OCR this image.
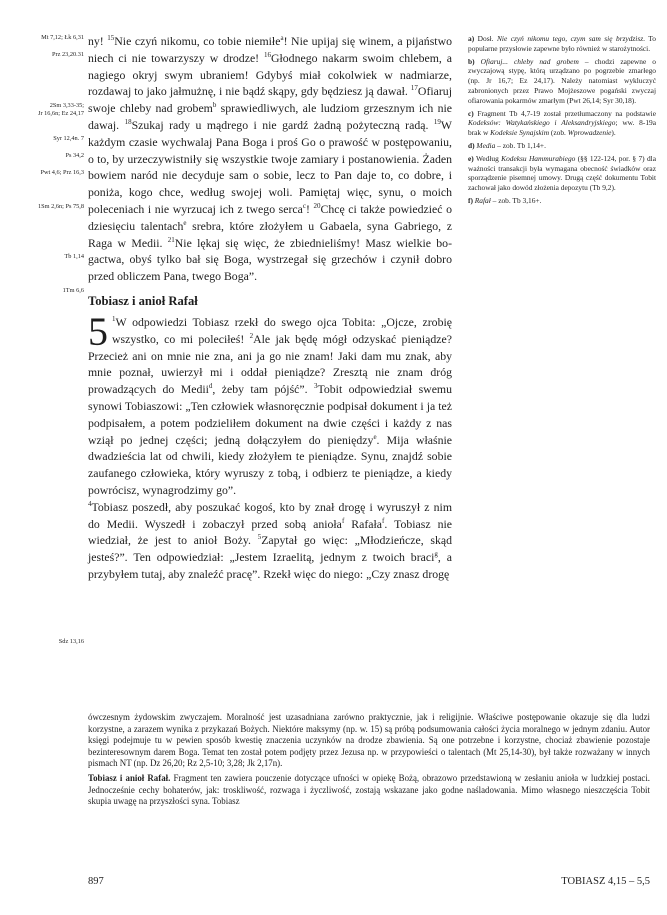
Mt 7,12; Łk 6,31
Prz 23,20.31
2Sm 3,33-35;
Jr 16,6n; Ez 24,17
Syr 12,4n. 7
Ps 34,2
Pwt 4,6; Prz 16,3
1Sm 2,6n; Ps 75,8
Tb 1,14
1Tm 6,6
Sdz 13,16

ny! $^{15}$Nie czyń nikomu, co tobie niemiłe$^a$! Nie upijaj się winem, a pijaństwo niech ci nie towarzyszy w drodze! $^{16}$Głodnego nakarm swoim chlebem, a nagiego okryj swym ubraniem! Gdybyś miał cokolwiek w nadmiarze, rozdawaj to jako jałmużnę, i nie bądź skąpy, gdy będziesz ją dawał. $^{17}$Ofiaruj swoje chleby nad grobem$^b$ sprawiedliwych, ale ludziom grzesznym ich nie dawaj. $^{18}$Szukaj rady u mądrego i nie gardź żadną pożyteczną radą. $^{19}$W każdym czasie wychwalaj Pana Boga i proś Go o prawość w postępowaniu, o to, by urzeczywistniły się wszystkie twoje zamiary i postanowienia. Żaden bowiem naród nie decyduje sam o sobie, lecz to Pan daje to, co dobre, i poniża, kogo chce, według swojej woli. Pamiętaj więc, synu, o moich poleceniach i nie wyrzucaj ich z twego serca$^c$! $^{20}$Chcę ci także powiedzieć o dziesięciu talentach$^e$ srebra, które złożyłem u Gabaela, syna Gabriego, z Raga w Medii. $^{21}$Nie lękaj się więc, że zbiednieliśmy! Masz wielkie bogactwa, obyś tylko bał się Boga, wystrzegał się grzechów i czynił dobro przed obliczem Pana, twego Boga”.

Tobiasz i anioł Rafał

5 $^1$W odpowiedzi Tobiasz rzekł do swego ojca Tobita: „Ojcze, zrobię wszystko, co mi poleciłeś! $^2$Ale jak będę mógł odzyskać pieniądze? Przecież ani on mnie nie zna, ani ja go nie znam! Jaki dam mu znak, aby mnie poznał, uwierzył mi i oddał pieniądze? Zresztą nie znam dróg prowadzących do Medii$^d$, żeby tam pójść”. $^3$Tobit odpowiedział swemu synowi Tobiaszowi: „Ten człowiek własnoręcznie podpisał dokument i ja też podpisałem, a potem podzieliłem dokument na dwie części i każdy z nas wziął po jednej części; jedną dołączyłem do pieniędzy$^e$. Mija właśnie dwadzieścia lat od chwili, kiedy złożyłem te pieniądze. Synu, znajdź sobie zaufanego człowieka, który wyruszy z tobą, i odbierz te pieniądze, a kiedy powrócisz, wynagrodzimy go”.

$^4$Tobiasz poszedł, aby poszukać kogoś, kto by znał drogę i wyruszył z nim do Medii. Wyszedł i zobaczył przed sobą anioła$^f$ Rafała$^f$. Tobiasz nie wiedział, że jest to anioł Boży. $^5$Zapytał go więc: „Młodzieńcze, skąd jesteś?”. Ten odpowiedział: „Jestem Izraelitą, jednym z twoich braci$^g$, a przybyłem tutaj, aby znaleźć pracę”. Rzekł więc do niego: „Czy znasz drogę

a) Dosł. Nie czyń nikomu tego, czym sam się brzydzisz. To popularne przysłowie zapewne było również w starożytności.

b) Ofiaruj... chleby nad grobem – chodzi zapewne o zwyczajową stypę, którą urządzano po pogrzebie zmarłego (np. Jr 16,7; Ez 24,17). Należy natomiast wykluczyć zabronionych przez Prawo Mojżeszowe pogański zwyczaj ofiarowania pokarmów zmarłym (Pwt 26,14; Syr 30,18).

c) Fragment Tb 4,7-19 został przetłumaczony na podstawie Kodeksów: Watykańskiego i Aleksandryjskiego; ww. 8-19a brak w Kodeksie Synajskim (zob. Wprowadzenie).

d) Media – zob. Tb 1,14+.

e) Według Kodeksu Hammurabiego (§§ 122-124, por. § 7) dla ważności transakcji była wymagana obecność świadków oraz sporządzenie pisemnej umowy. Drugą część dokumentu Tobit zachował jako dowód złożenia depozytu (Tb 9,2).

f) Rafał – zob. Tb 3,16+.

ówczesnym żydowskim zwyczajem. Moralność jest uzasadniana zarówno praktycznie, jak i religijnie. Właściwe postępowanie okazuje się dla ludzi korzystne, a zarazem wynika z przykazań Bożych. Niektóre maksymy (np. w. 15) są próbą podsumowania całości życia moralnego w jednym zdaniu. Autor księgi podejmuje tu w pewien sposób kwestię znaczenia uczynków na drodze zbawienia. Są one potrzebne i korzystne, chociaż zbawienie pozostaje bezinteresownym darem Boga. Temat ten został potem podjęty przez Jezusa np. w przypowieści o talentach (Mt 25,14-30), był także rozważany w innych pismach NT (np. Dz 26,20; Rz 2,5-10; 3,28; Jk 2,17n).

Tobiasz i anioł Rafał. Fragment ten zawiera pouczenie dotyczące ufności w opiekę Bożą, obrazowo przedstawioną w zesłaniu anioła w ludzkiej postaci. Jednocześnie cechy bohaterów, jak: troskliwość, rozwaga i życzliwość, zostają wskazane jako godne naśladowania. Mimo własnego nieszczęścia Tobit skupia uwagę na przyszłości syna. Tobiasz

897	TOBIASZ 4,15 – 5,5
